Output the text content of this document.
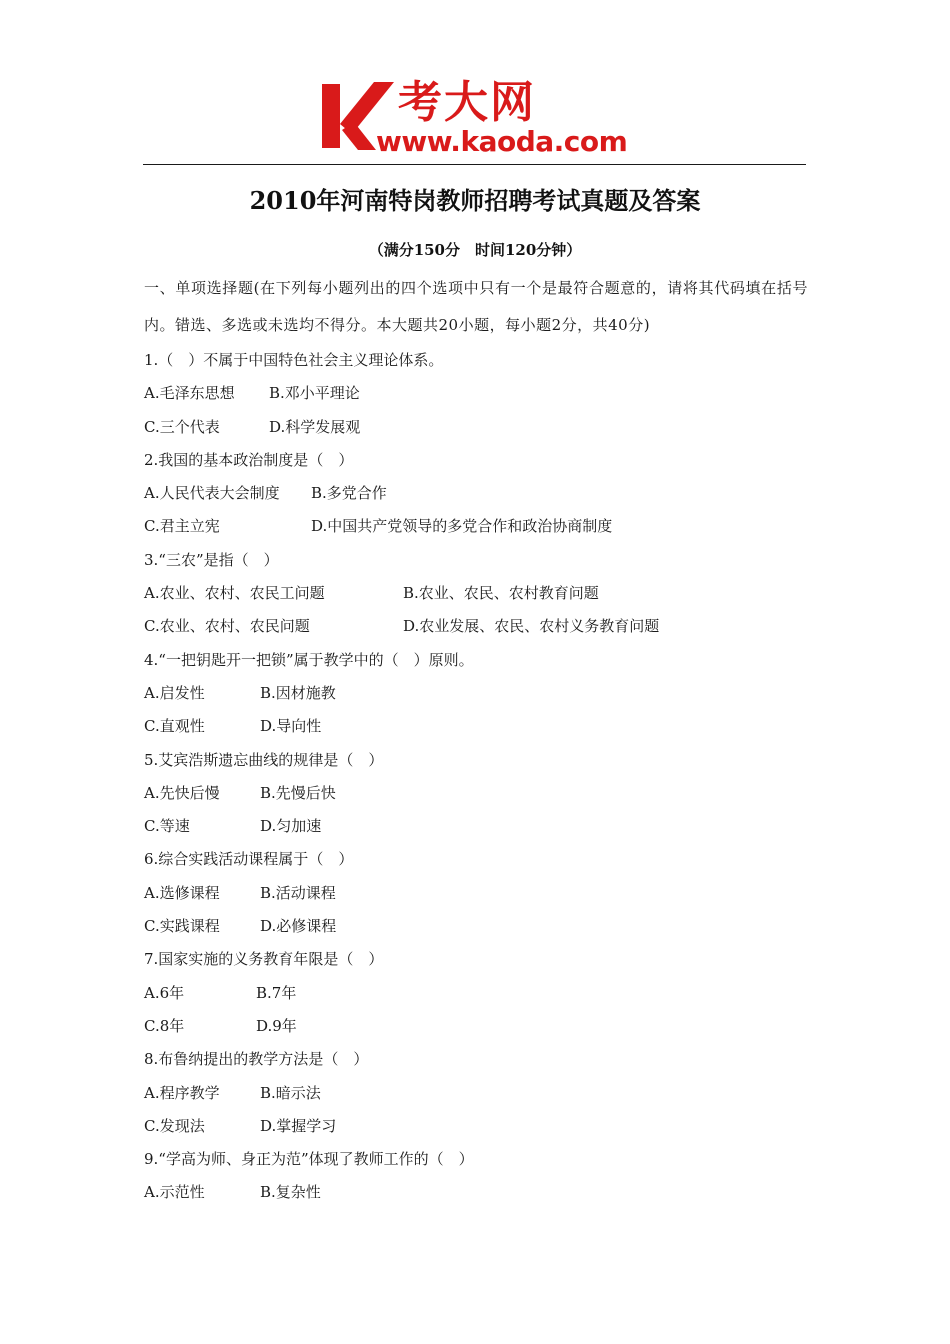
考大网
www.kaoda.com
2010年河南特岗教师招聘考试真题及答案
（满分150分　时间120分钟）

一、单项选择题(在下列每小题列出的四个选项中只有一个是最符合题意的，请将其代码填在括号内。错选、多选或未选均不得分。本大题共20小题，每小题2分，共40分)

1.（　）不属于中国特色社会主义理论体系。
A.毛泽东思想 B.邓小平理论
C.三个代表	D.科学发展观
2.我国的基本政治制度是（　）
A.人民代表大会制度 B.多党合作
C.君主立宪	D.中国共产党领导的多党合作和政治协商制度
3.“三农”是指（　）
A.农业、农村、农民工问题	B.农业、农民、农村教育问题
C.农业、农村、农民问题	D.农业发展、农民、农村义务教育问题
4.“一把钥匙开一把锁”属于教学中的（　）原则。
A.启发性	B.因材施教
C.直观性	D.导向性
5.艾宾浩斯遗忘曲线的规律是（　）
A.先快后慢	B.先慢后快
C.等速	D.匀加速
6.综合实践活动课程属于（　）
A.选修课程	B.活动课程
C.实践课程	D.必修课程
7.国家实施的义务教育年限是（　）
A.6年	B.7年
C.8年	D.9年
8.布鲁纳提出的教学方法是（　）
A.程序教学	B.暗示法
C.发现法	D.掌握学习
9.“学高为师、身正为范”体现了教师工作的（　）
A.示范性	B.复杂性
